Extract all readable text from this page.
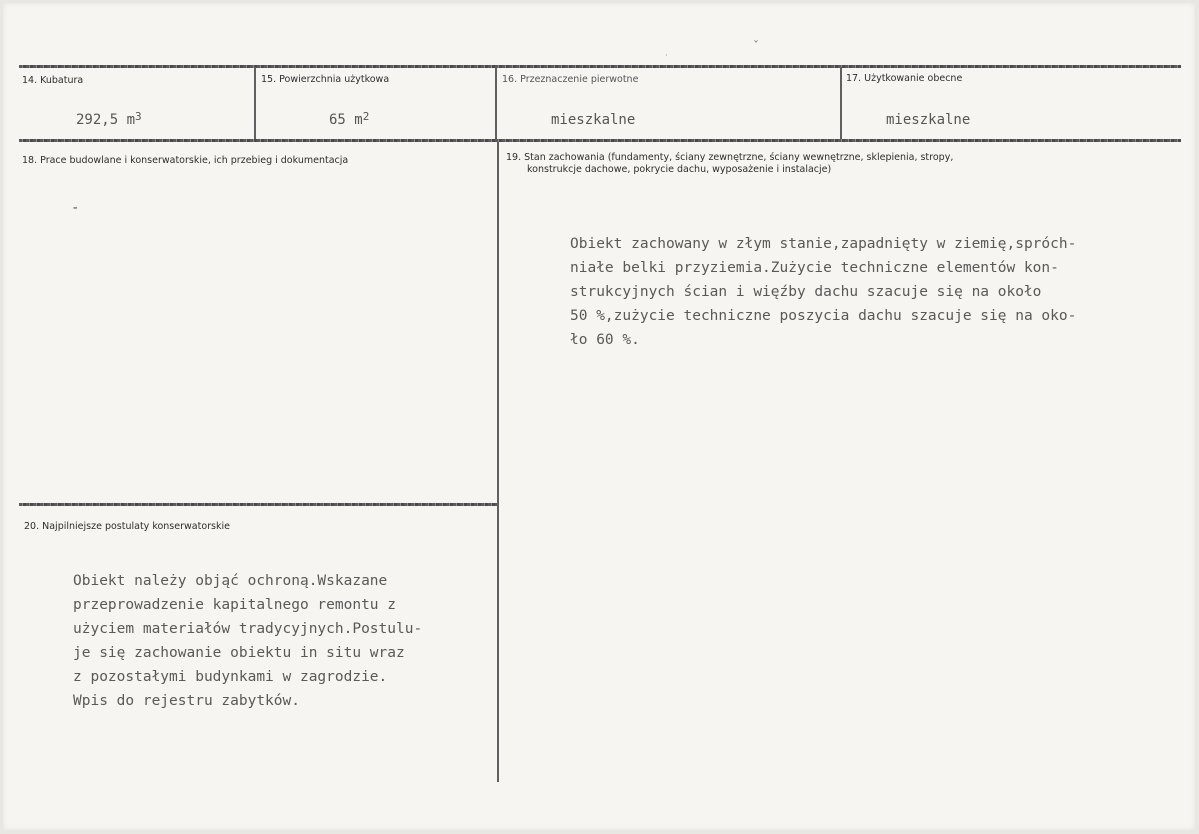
14. Kubatura	15. Powierzchnia użytkowa	16. Przeznaczenie pierwotne	17. Użytkowanie obecne
292,5 $m^3$	65 $m^2$	mieszkalne	mieszkalne
18. Prace budowlane i konserwatorskie, ich przebieg i dokumentacja
-
19. Stan zachowania (fundamenty, ściany zewnętrzne, ściany wewnętrzne, sklepienia, stropy,
konstrukcje dachowe, pokrycie dachu, wyposażenie i instalacje)
Obiekt zachowany w złym stanie,zapadnięty w ziemię,spróch-
niałe belki przyziemia.Zużycie techniczne elementów kon-
strukcyjnych ścian i więźby dachu szacuje się na około
50 %,zużycie techniczne poszycia dachu szacuje się na oko-
ło 60 %.
20. Najpilniejsze postulaty konserwatorskie
Obiekt należy objąć ochroną.Wskazane
przeprowadzenie kapitalnego remontu z
użyciem materiałów tradycyjnych.Postulu-
je się zachowanie obiektu in situ wraz
z pozostałymi budynkami w zagrodzie.
Wpis do rejestru zabytków.
ˇ
·
